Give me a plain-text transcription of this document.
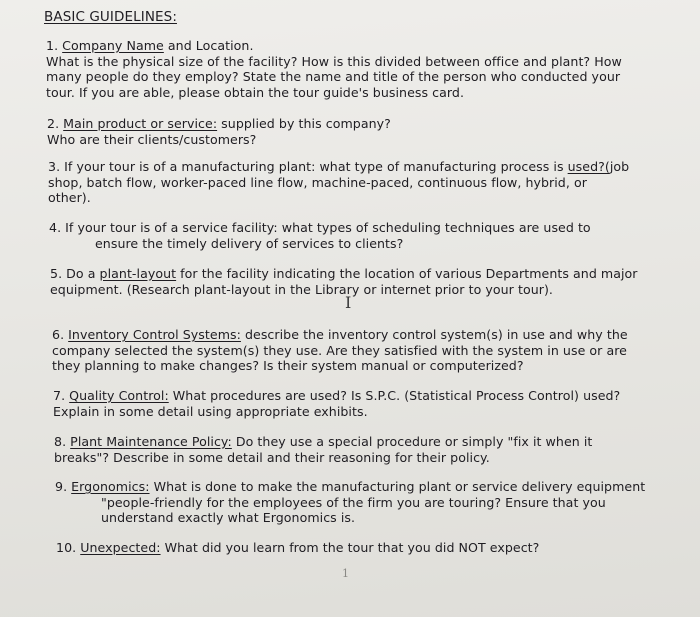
BASIC GUIDELINES:
1. Company Name and Location.
What is the physical size of the facility? How is this divided between office and plant? How
many people do they employ? State the name and title of the person who conducted your
tour. If you are able, please obtain the tour guide's business card.
2. Main product or service: supplied by this company?
Who are their clients/customers?
3. If your tour is of a manufacturing plant: what type of manufacturing process is used?(job
shop, batch flow, worker-paced line flow, machine-paced, continuous flow, hybrid, or
other).
4. If your tour is of a service facility: what types of scheduling techniques are used to
ensure the timely delivery of services to clients?
5. Do a plant-layout for the facility indicating the location of various Departments and major
equipment. (Research plant-layout in the Library or internet prior to your tour).
I
6. Inventory Control Systems: describe the inventory control system(s) in use and why the
company selected the system(s) they use. Are they satisfied with the system in use or are
they planning to make changes? Is their system manual or computerized?
7. Quality Control: What procedures are used? Is S.P.C. (Statistical Process Control) used?
Explain in some detail using appropriate exhibits.
8. Plant Maintenance Policy: Do they use a special procedure or simply "fix it when it
breaks"? Describe in some detail and their reasoning for their policy.
9. Ergonomics: What is done to make the manufacturing plant or service delivery equipment
"people-friendly for the employees of the firm you are touring? Ensure that you
understand exactly what Ergonomics is.
10. Unexpected: What did you learn from the tour that you did NOT expect?
1
